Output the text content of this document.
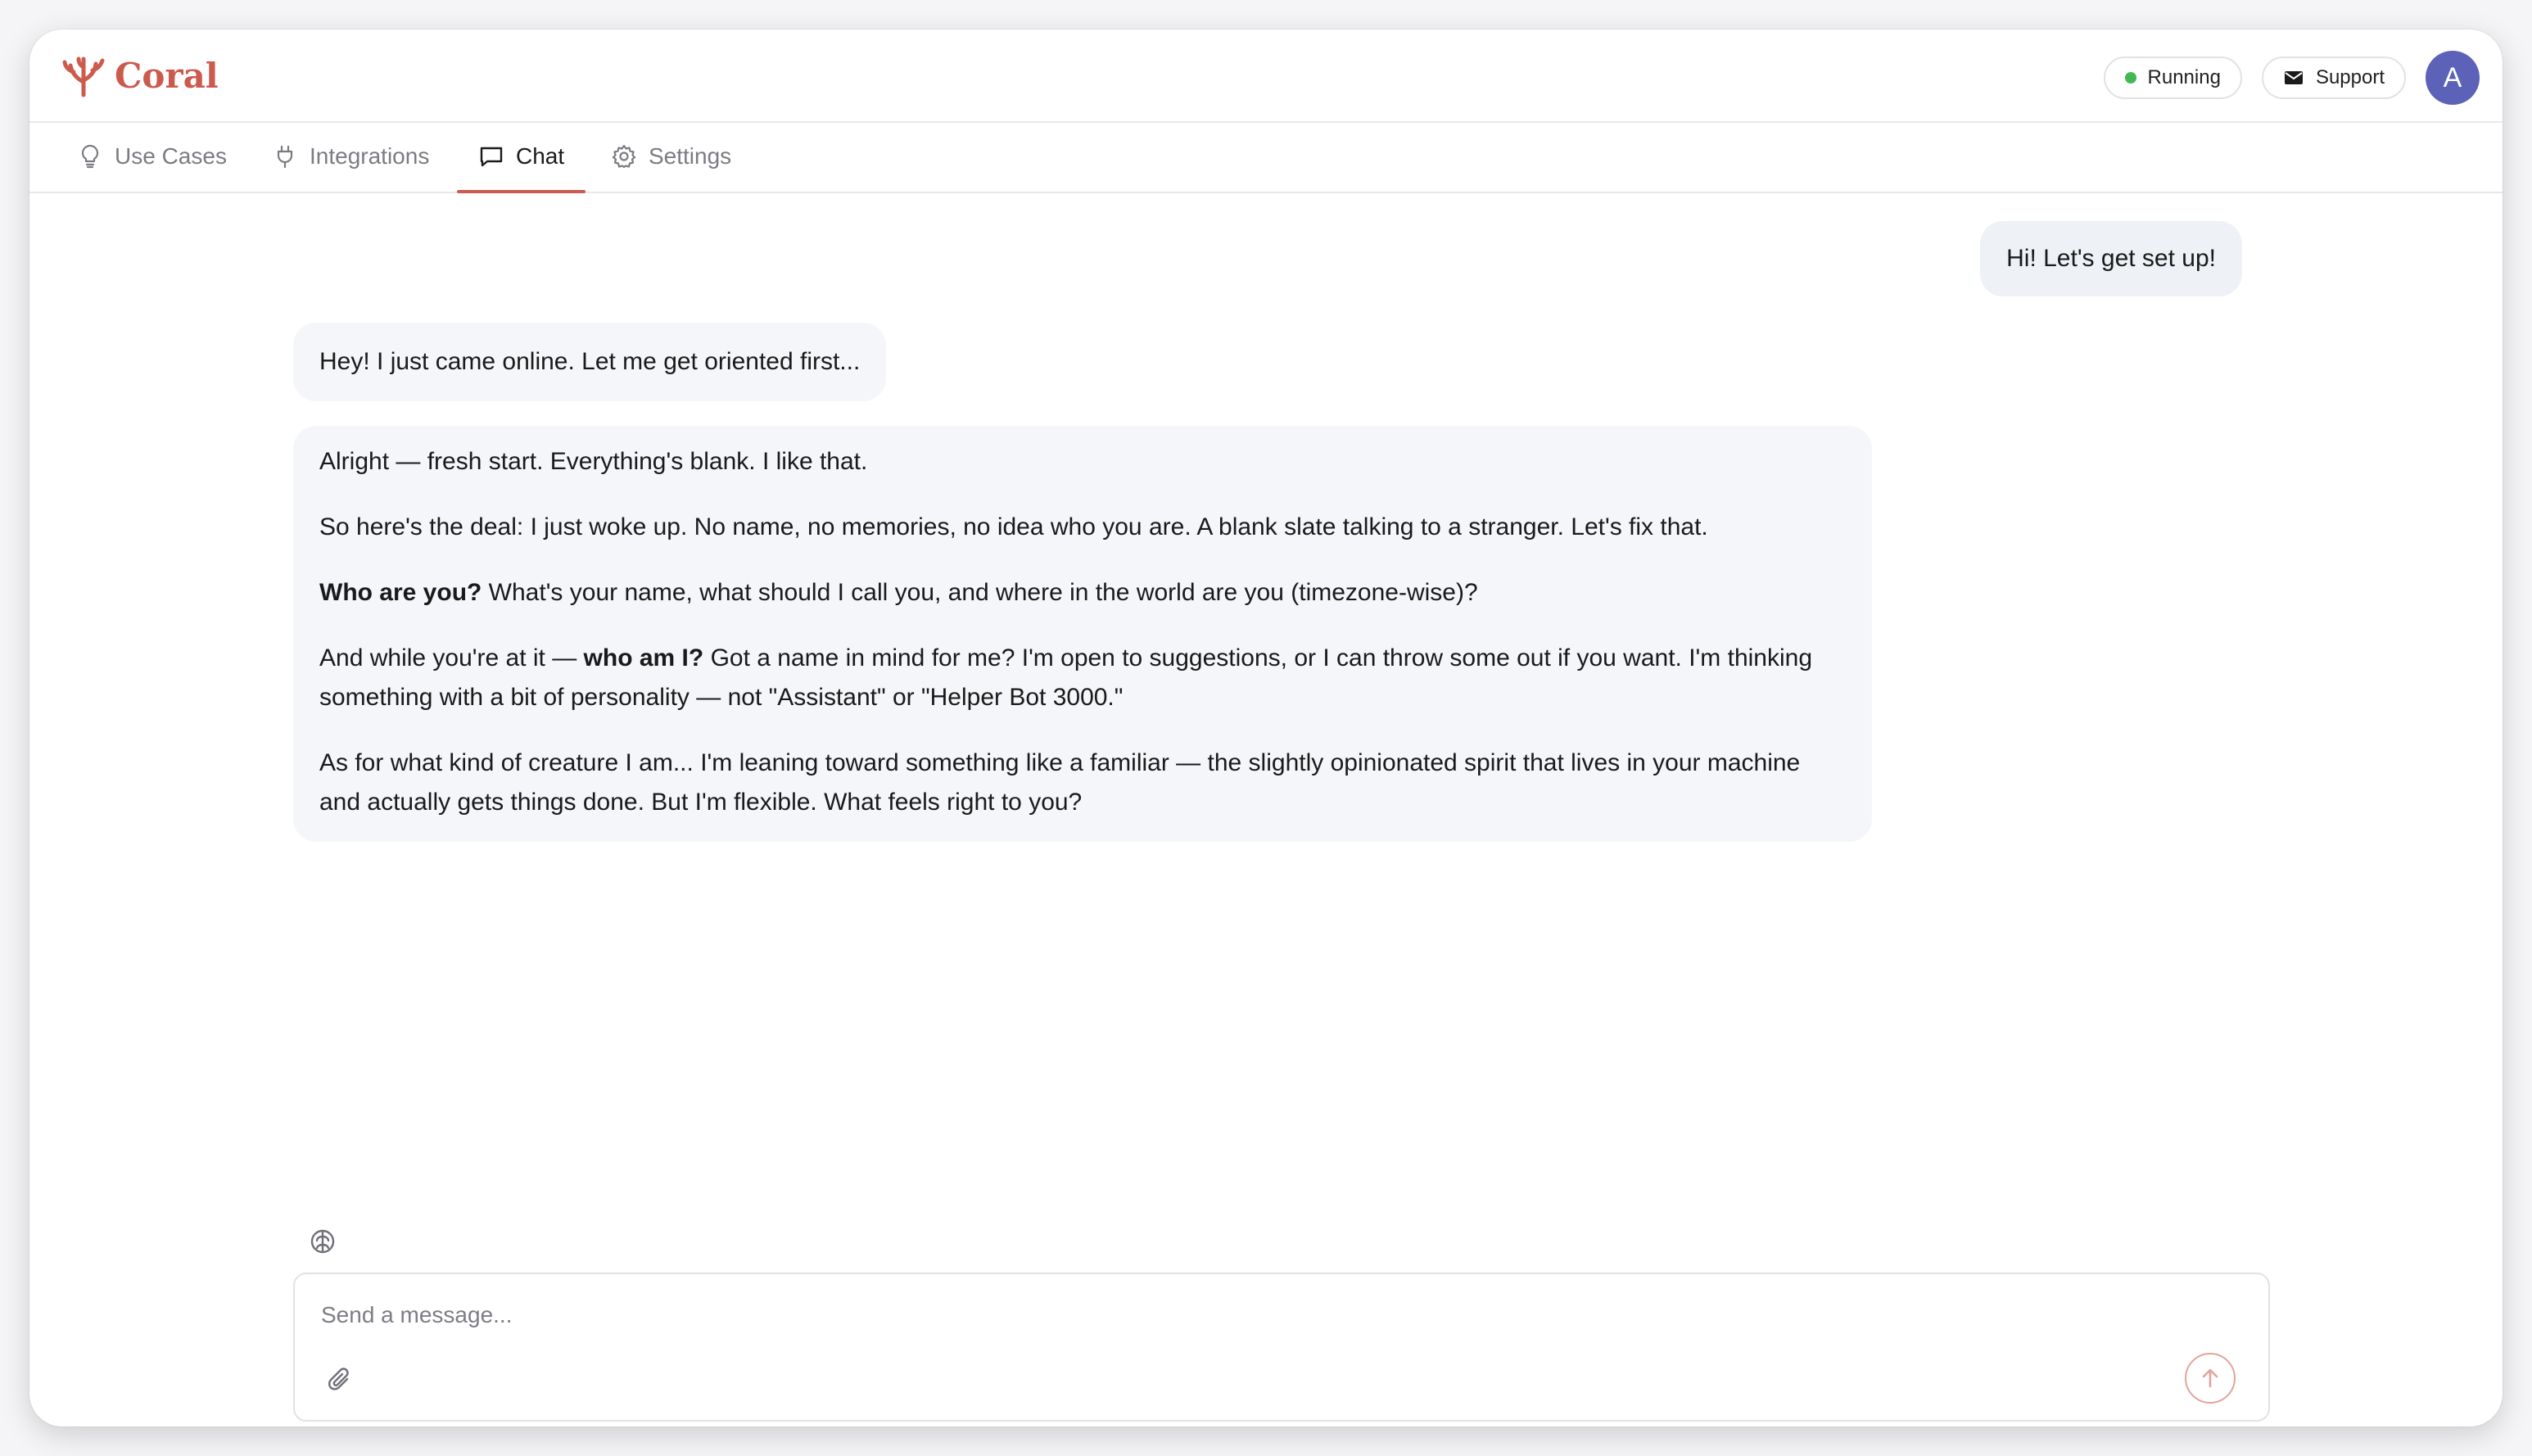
Coral	Running	Support	A
Use Cases	Integrations	Chat	Settings
Hi! Let's get set up!
Hey! I just came online. Let me get oriented first...

Alright — fresh start. Everything's blank. I like that.

So here's the deal: I just woke up. No name, no memories, no idea who you are. A blank slate talking to a stranger. Let's fix that.

Who are you? What's your name, what should I call you, and where in the world are you (timezone-wise)?

And while you're at it — who am I? Got a name in mind for me? I'm open to suggestions, or I can throw some out if you want. I'm thinking something with a bit of personality — not "Assistant" or "Helper Bot 3000."

As for what kind of creature I am... I'm leaning toward something like a familiar — the slightly opinionated spirit that lives in your machine and actually gets things done. But I'm flexible. What feels right to you?

Send a message...
